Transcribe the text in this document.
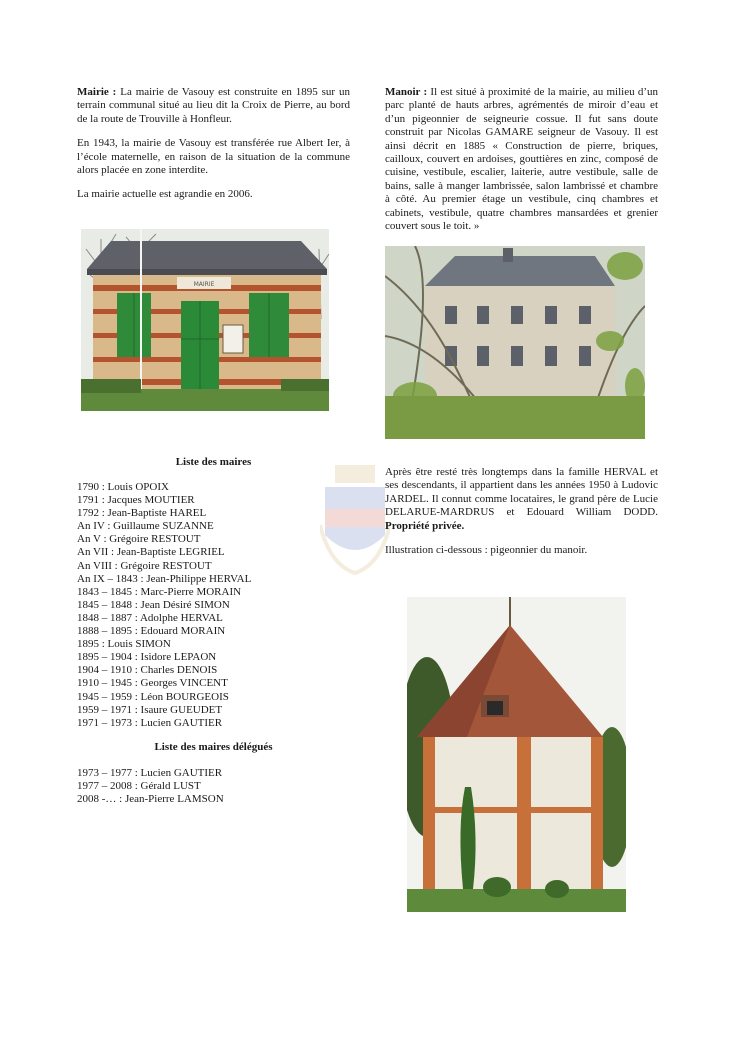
Mairie : La mairie de Vasouy est construite en 1895 sur un terrain communal situé au lieu dit la Croix de Pierre, au bord de la route de Trouville à Honfleur.

En 1943, la mairie de Vasouy est transférée rue Albert Ier, à l’école maternelle, en raison de la situation de la commune alors placée en zone interdite.

La mairie actuelle est agrandie en 2006.

Manoir : Il est situé à proximité de la mairie, au milieu d’un parc planté de hauts arbres, agrémentés de miroir d’eau et d’un pigeonnier de seigneurie cossue. Il fut sans doute construit par Nicolas GAMARE seigneur de Vasouy. Il est ainsi décrit en 1885 « Construction de pierre, briques, cailloux, couvert en ardoises, gouttières en zinc, composé de cuisine, vestibule, escalier, laiterie, autre vestibule, salle de bains, salle à manger lambrissée, salon lambrissé et chambre à côté. Au premier étage un vestibule, cinq chambres et cabinets, vestibule, quatre chambres mansardées et grenier couvert sous le toit. »

MAIRIE

Après être resté très longtemps dans la famille HERVAL et ses descendants, il appartient dans les années 1950 à Ludovic JARDEL. Il connut comme locataires, le grand père de Lucie DELARUE-MARDRUS et Edouard William DODD. Propriété privée.

Illustration ci-dessous : pigeonnier du manoir.

Liste des maires
1790 : Louis OPOIX
1791 : Jacques MOUTIER
1792 : Jean-Baptiste HAREL
An IV : Guillaume SUZANNE
An V : Grégoire RESTOUT
An VII : Jean-Baptiste LEGRIEL
An VIII : Grégoire RESTOUT
An IX – 1843 : Jean-Philippe HERVAL
1843 – 1845 : Marc-Pierre MORAIN
1845 – 1848 : Jean Désiré SIMON
1848 – 1887 : Adolphe HERVAL
1888 – 1895 : Edouard MORAIN
1895 : Louis SIMON
1895 – 1904 : Isidore LEPAON
1904 – 1910 : Charles DENOIS
1910 – 1945 : Georges VINCENT
1945 – 1959 : Léon BOURGEOIS
1959 – 1971 : Isaure GUEUDET
1971 – 1973 : Lucien GAUTIER
Liste des maires délégués
1973 – 1977 : Lucien GAUTIER
1977 – 2008 : Gérald LUST
2008 -… : Jean-Pierre LAMSON
